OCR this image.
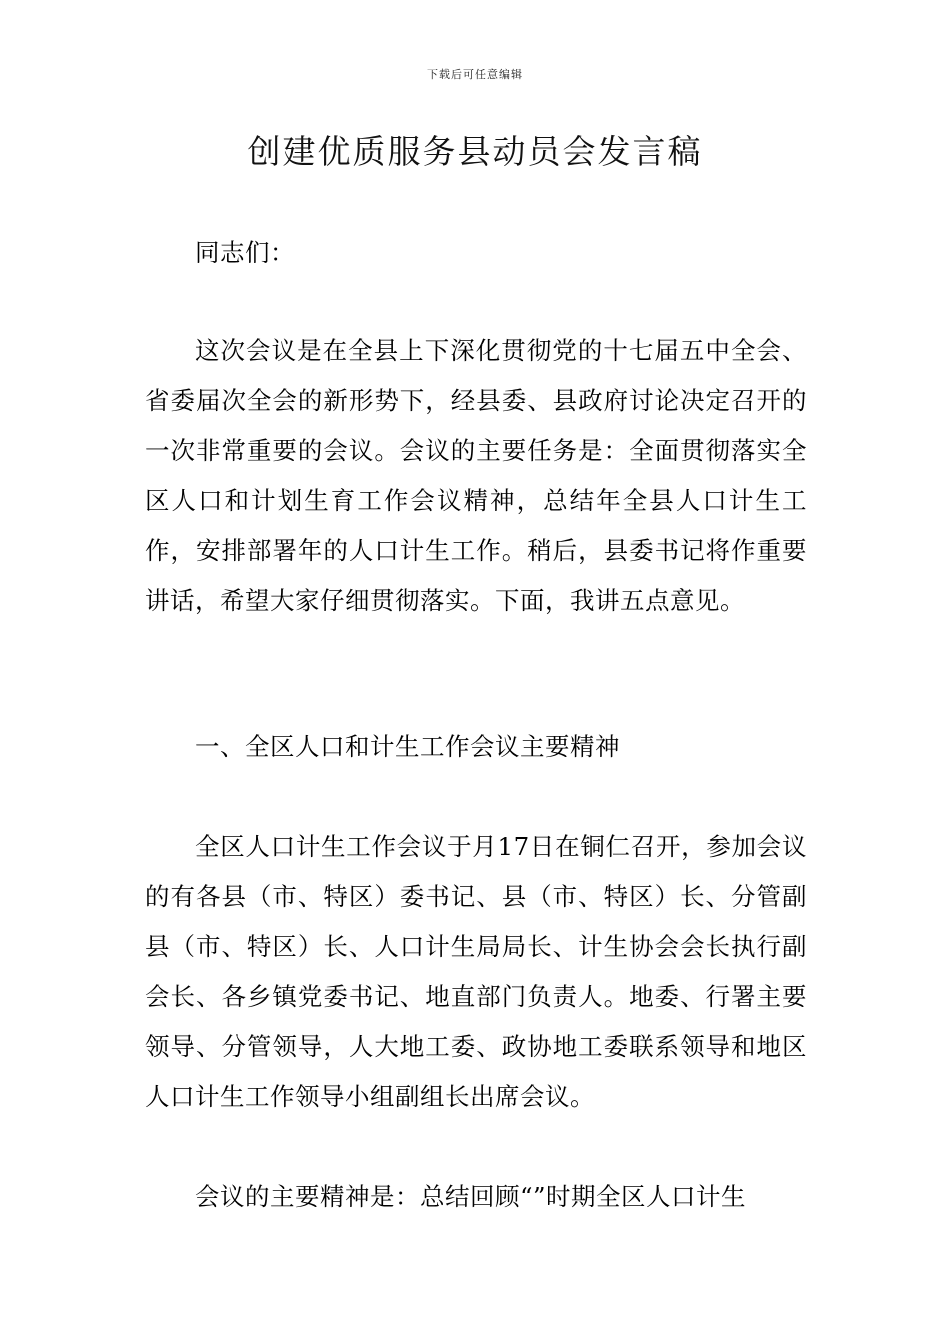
下载后可任意编辑
创建优质服务县动员会发言稿
同志们：
这次会议是在全县上下深化贯彻党的十七届五中全会、省委届次全会的新形势下，经县委、县政府讨论决定召开的一次非常重要的会议。会议的主要任务是：全面贯彻落实全区人口和计划生育工作会议精神，总结年全县人口计生工作，安排部署年的人口计生工作。稍后，县委书记将作重要讲话，希望大家仔细贯彻落实。下面，我讲五点意见。
一、全区人口和计生工作会议主要精神
全区人口计生工作会议于月17日在铜仁召开，参加会议的有各县（市、特区）委书记、县（市、特区）长、分管副县（市、特区）长、人口计生局局长、计生协会会长执行副会长、各乡镇党委书记、地直部门负责人。地委、行署主要领导、分管领导，人大地工委、政协地工委联系领导和地区人口计生工作领导小组副组长出席会议。
会议的主要精神是：总结回顾“”时期全区人口计生
